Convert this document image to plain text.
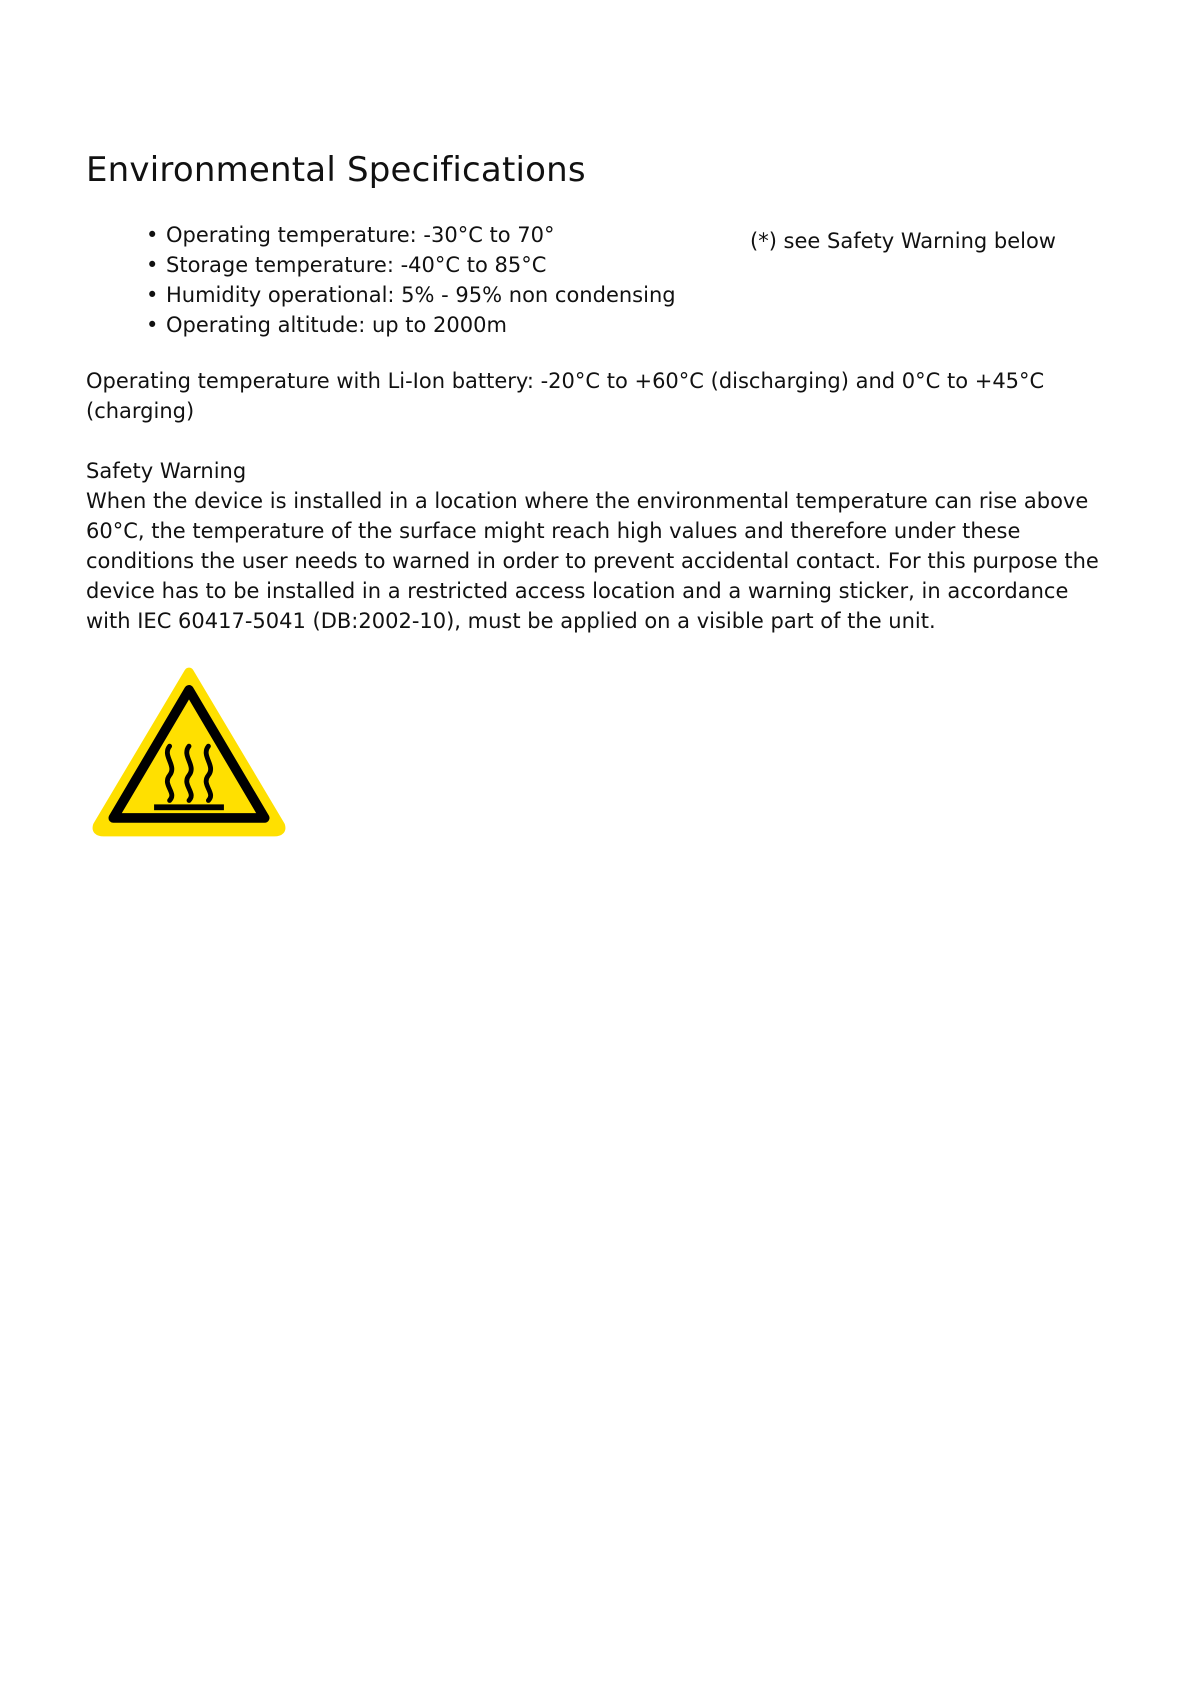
Environmental Specifications
• Operating temperature: -30°C to 70°
• Storage temperature: -40°C to 85°C
• Humidity operational: 5% - 95% non condensing
• Operating altitude: up to 2000m
(*) see Safety Warning below

Operating temperature with Li-Ion battery: -20°C to +60°C (discharging) and 0°C to +45°C (charging)

Safety Warning

When the device is installed in a location where the environmental temperature can rise above 60°C, the temperature of the surface might reach high values and therefore under these conditions the user needs to warned in order to prevent accidental contact. For this purpose the device has to be installed in a restricted access location and a warning sticker, in accordance with IEC 60417-5041 (DB:2002-10), must be applied on a visible part of the unit.
